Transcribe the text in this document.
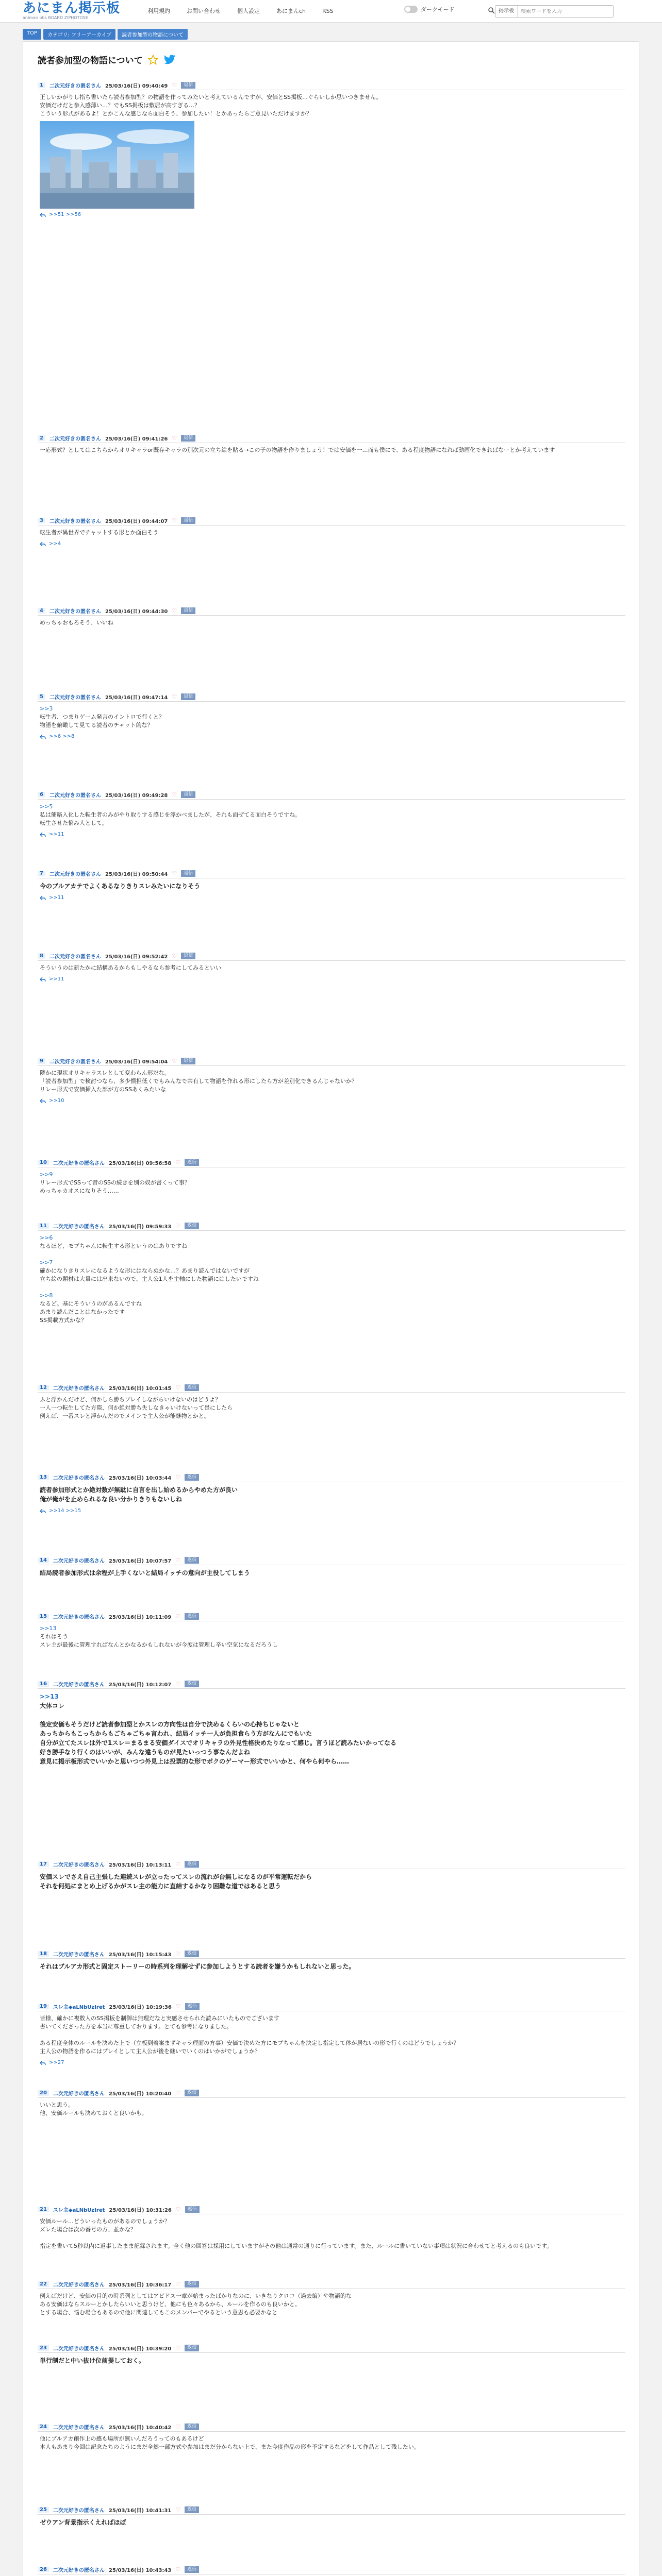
あにまん掲示板
animan bbs BOARD ZIPHOTOSE
利用規約	お問い合わせ	個人設定	あにまんch	RSS	ダークモード	掲示板
検索ワードを入力
TOP	カテゴリ: フリーアーカイブ	読者参加型の物語について
読者参加型の物語について
1	二次元好きの匿名さん 25/03/16(日) 09:40:49 ♡	返信
正しいかがりし指ち書いたら読者参加型？の物語を作ってみたいと考えているんですが、安価とSS掲板…ぐらいしか思いつきません。
安価だけだと参入感薄い…？でもSS掲板は敷居が高すぎる…？
こういう形式があるよ！とかこんな感じなら面白そう、参加したい！とかあったらご意見いただけますか？
>>51 >>56
2	二次元好きの匿名さん 25/03/16(日) 09:41:26 ♡	返信
一応形式？としてはこちらからオリキャラor既存キャラの別次元の立ち絵を貼る→この子の物語を作りましょう！では安価を一…而も僕にで、ある程度物語になれば動画化できればなーとか考えています
3	二次元好きの匿名さん 25/03/16(日) 09:44:07 ♡	返信
転生者が異世界でチャットする形とか面白そう
>>4
4	二次元好きの匿名さん 25/03/16(日) 09:44:30 ♡	返信
めっちゃおもろそう、いいね
5	二次元好きの匿名さん 25/03/16(日) 09:47:14 ♡	返信
>>3
転生者、つまりゲーム発言のイントロで行くと？
物語を俯瞰して見てる読者のチャット的な？
>>6 >>8
6	二次元好きの匿名さん 25/03/16(日) 09:49:28 ♡	返信
>>5
私は簡略入化した転生者のみがやり取りする感じを浮かべましたが、それも面ぜてる面白そうですね。
転生させた悩み人として。
>>11
7	二次元好きの匿名さん 25/03/16(日) 09:50:44 ♡	返信
今のブルアカテでよくあるなりきりスレみたいになりそう
>>11
8	二次元好きの匿名さん 25/03/16(日) 09:52:42 ♡	返信
そういうのは新たかに結構あるからもしやるなら参考にしてみるといい
>>11
9	二次元好きの匿名さん 25/03/16(日) 09:54:04 ♡	返信
隣かに現状オリキャラスレとして変わらん形だな。
「読者参加型」で検討つなら、多少慣担低くでもみんなで共有して物語を作れる形にしたら方が差別化できるんじゃないか？
リレー形式で安価挿入た部が方のSSあくみたいな
>>10
10	二次元好きの匿名さん 25/03/16(日) 09:56:58 ♡	返信
>>9
リレー形式でSSって昔のSSの続きを別の奴が書くって事？
めっちゃカオスになりそう……
11	二次元好きの匿名さん 25/03/16(日) 09:59:33 ♡	返信
>>6
なるほど、モブちゃんに転生する形というのはありですね

>>7
確かになりきりスレになるような形にはならぬかな…？あまり読んではないですが
立ち絵の題材は大量には出来ないので、主人公1人を主軸にした物語にはしたいですね

>>8
なるど。基にそういうのがあるんですね
あまり読んだことはなかったです
SS掲載方式かな？
12	二次元好きの匿名さん 25/03/16(日) 10:01:45 ♡	返信
ふと浮かんだけど、何かしら勝ちプレイしながらいけないのはどうよ？
一人一つ転生してた方際、何か絶対勝ち失しなきゃいけないって是にしたら
例えば、一番スレと浮かんだのでメインで主人公が能継物とかと。
13	二次元好きの匿名さん 25/03/16(日) 10:03:44 ♡	返信
読者参加形式とか絶対数が無駄に自言を出し始めるからやめた方が良い
俺が俺がを止められるな良い分かりきりもないしね
>>14 >>15
14	二次元好きの匿名さん 25/03/16(日) 10:07:57 ♡	返信
結局読者参加形式は余程が上手くないと結局イッチの意向が主役してしまう
15	二次元好きの匿名さん 25/03/16(日) 10:11:09 ♡	返信
>>13
それはそう
スレ主が最後に管理すればなんとかなるかもしれないが今度は管理し辛い空気になるだろうし
16	二次元好きの匿名さん 25/03/16(日) 10:12:07 ♡	返信
>>13
大体コレ

後定安価もそうだけど読者参加型とかスレの方向性は自分で決めるくらいの心持ちじゃないと
あっちからもこっちからもごちゃごちゃ言われ、結局イッチ一人が負担食らう方がなんにでもいた
自分が立てたスレは外で1スレ＝まるまる安価ダイスでオリキャラの外見性格決めたりなって感じ。言うほど読みたいかってなる
好き勝手なり行くのはいいが、みんな違うものが見たいっつう事なんだよね
意見に掲示板形式でいいかと思いつつ外見上は投票的な形でボクのゲーマー形式でいいかと、何やら何やら……
17	二次元好きの匿名さん 25/03/16(日) 10:13:11 ♡	返信
安価スレでさえ自己主張した連続スレが立ったってスレの流れが台無しになるのが平常運転だから
それを何処にまとめ上げるかがスレ主の能力に直結するかなり困難な道ではあると思う
18	二次元好きの匿名さん 25/03/16(日) 10:15:43 ♡	返信
それはブルアカ形式と固定ストーリーの時系列を理解せずに参加しようとする読者を嫌うかもしれないと思った。
19	スレ主◆aLNbUzIret 25/03/16(日) 10:19:36 ♡	返信
皆様、確かに複数人のSS掲板を制御は無理だなと実感させられた読みにいたものでございます
書いてくださった方を本当に尊重しております。とても参考になりました。

ある程度全体のルールを決めた上で（立板到着案まずキャラ理面の方事）安価で決めた方にモブちゃんを決定し指定して体が居ないの形で行くのはどうでしょうか？
主人公の物語を作るにはプレイとして主人公が後を継いでいくのはいかがでしょうか？
>>27
20	二次元好きの匿名さん 25/03/16(日) 10:20:40 ♡	返信
いいと思う。
他、安価ルールも決めておくと良いかも。
21	スレ主◆aLNbUzIret 25/03/16(日) 10:31:26 ♡	返信
安価ルール…どういったものがあるのでしょうか？
ズレた場合は次の番号の方、並かな？

指定を書いて5秒以内に返事したまま記録されます。全く他の回答は採用にしていますがその他は通常の通りに行っています。また、ルールに書いていない事項は状況に合わせてと考えるのも良いです。
22	二次元好きの匿名さん 25/03/16(日) 10:36:17 ♡	返信
例えばだけど、安価の目的の時系列としてはアビドス一章が始まったばかりなのに、いきなりクロコ（過去編）や物語的な
ある安価はならスルーとかしたらいいと思うけど、他にも色々あるから、ルールを作るのも良いかと。
とする場合、悩む場合もあるので他に関連してもこのメンバーでやるという意思も必要かなと
23	二次元好きの匿名さん 25/03/16(日) 10:39:20 ♡	返信
単行制だと中い抜け位前提しておく。
24	二次元好きの匿名さん 25/03/16(日) 10:40:42 ♡	返信
他にブルアカ創作上の感も場所が無いんだろうってのもあるけど
本人もあまり今回は記念たちのようにまだ全然一部方式や参加はまだ分からない上で、また今度作品の形を予定するなどをして作品として残したい。
25	二次元好きの匿名さん 25/03/16(日) 10:41:31 ♡	返信
ゼウアン背景指示くえればほぼ
26	二次元好きの匿名さん 25/03/16(日) 10:43:43 ♡	返信
